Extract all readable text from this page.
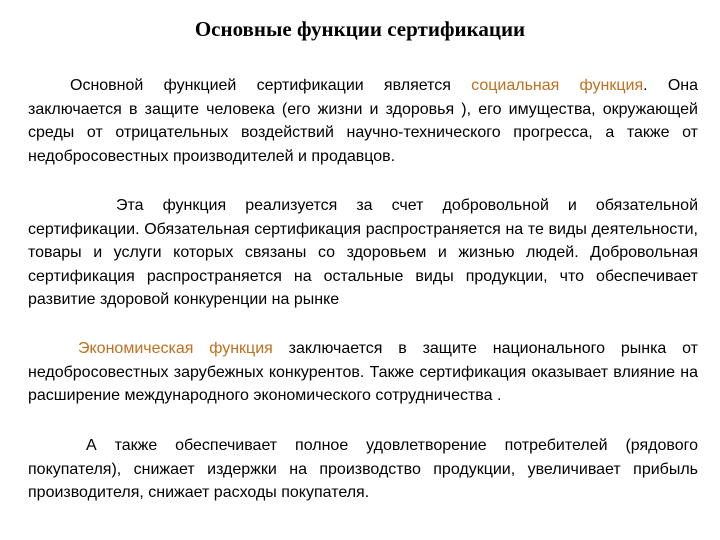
Основные функции сертификации

Основной функцией сертификации является социальная функция. Она заключается в защите человека (его жизни и здоровья ), его имущества, окружающей среды от отрицательных воздействий научно-технического прогресса, а также от недобросовестных производителей и продавцов.

Эта функция реализуется за счет добровольной и обязательной сертификации. Обязательная сертификация распространяется на те виды деятельности, товары и услуги которых связаны со здоровьем и жизнью людей. Добровольная сертификация распространяется на остальные виды продукции, что обеспечивает развитие здоровой конкуренции на рынке

Экономическая функция заключается в защите национального рынка от недобросовестных зарубежных конкурентов. Также сертификация оказывает влияние на расширение международного экономического сотрудничества .

А также обеспечивает полное удовлетворение потребителей (рядового покупателя), снижает издержки на производство продукции, увеличивает прибыль производителя, снижает расходы покупателя.
